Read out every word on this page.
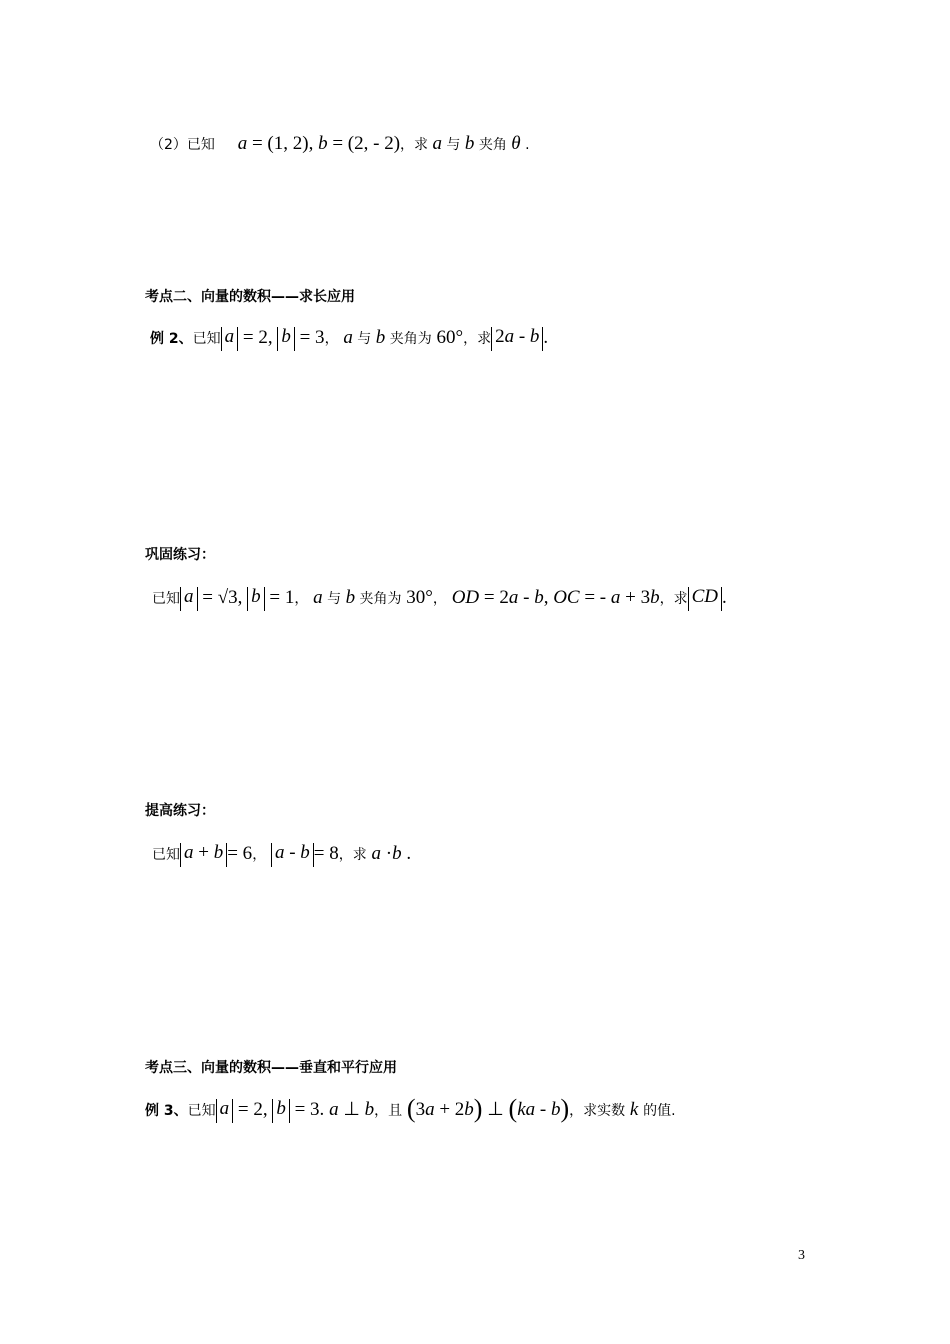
（2）已知 a = (1, 2), b = (2, - 2)，求 a 与 b 夹角 θ .
考点二、向量的数积——求长应用
例 2、已知 a = 2, b = 3， a 与 b 夹角为 60°，求 2a - b .
巩固练习：
已知 a = √3, b = 1， a 与 b 夹角为 30°， OD = 2a - b, OC = - a + 3b，求 CD .
提高练习：
已知 a + b = 6， a - b = 8，求 a ·b .
考点三、向量的数积——垂直和平行应用
例 3、已知 a = 2, b = 3. a ⊥ b，且 (3a + 2b) ⊥ (ka - b)，求实数 k 的值.
3
